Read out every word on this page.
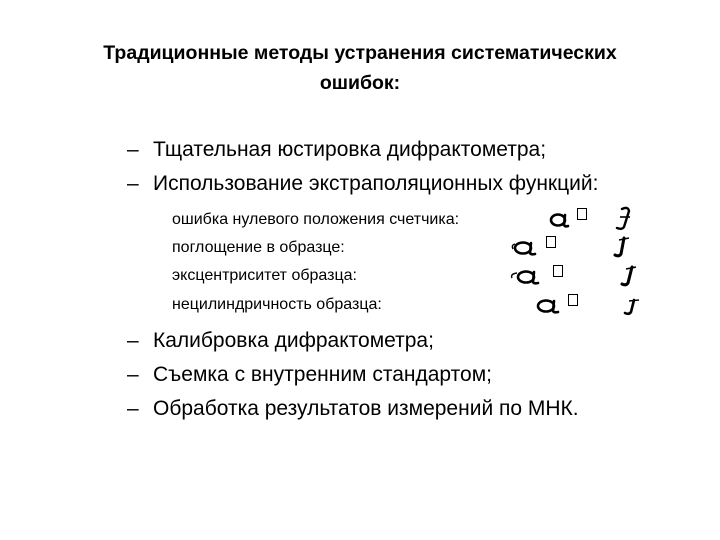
Традиционные методы устранения систематических
ошибок:
– Тщательная юстировка дифрактометра;
– Использование экстраполяционных функций:
ошибка нулевого положения счетчика:
поглощение в образце:
эксцентриситет образца:
нецилиндричность образца:
– Калибровка дифрактометра;
– Съемка с внутренним стандартом;
– Обработка результатов измерений по МНК.
